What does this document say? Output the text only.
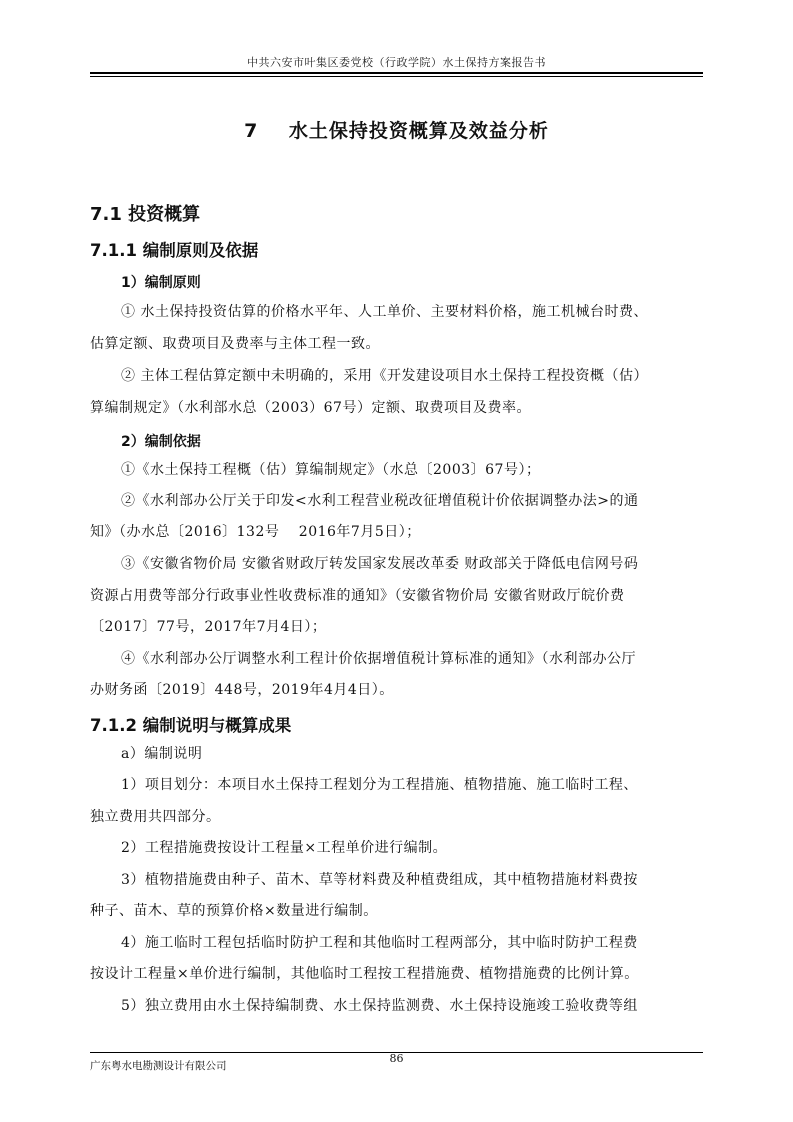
中共六安市叶集区委党校（行政学院）水土保持方案报告书
7 水土保持投资概算及效益分析
7.1 投资概算
7.1.1 编制原则及依据
1）编制原则
① 水土保持投资估算的价格水平年、人工单价、主要材料价格，施工机械台时费、
估算定额、取费项目及费率与主体工程一致。
② 主体工程估算定额中未明确的，采用《开发建设项目水土保持工程投资概（估）
算编制规定》（水利部水总（2003）67号）定额、取费项目及费率。
2）编制依据
①《水土保持工程概（估）算编制规定》（水总〔2003〕67号）；
②《水利部办公厅关于印发<水利工程营业税改征增值税计价依据调整办法>的通
知》（办水总〔2016〕132号　 2016年7月5日）；
③《安徽省物价局 安徽省财政厅转发国家发展改革委 财政部关于降低电信网号码
资源占用费等部分行政事业性收费标准的通知》（安徽省物价局 安徽省财政厅皖价费
〔2017〕77号，2017年7月4日）；
④《水利部办公厅调整水利工程计价依据增值税计算标准的通知》（水利部办公厅
办财务函〔2019〕448号，2019年4月4日）。
7.1.2 编制说明与概算成果
a）编制说明
1）项目划分：本项目水土保持工程划分为工程措施、植物措施、施工临时工程、
独立费用共四部分。
2）工程措施费按设计工程量×工程单价进行编制。
3）植物措施费由种子、苗木、草等材料费及种植费组成，其中植物措施材料费按
种子、苗木、草的预算价格×数量进行编制。
4）施工临时工程包括临时防护工程和其他临时工程两部分，其中临时防护工程费
按设计工程量×单价进行编制，其他临时工程按工程措施费、植物措施费的比例计算。
5）独立费用由水土保持编制费、水土保持监测费、水土保持设施竣工验收费等组
广东粤水电勘测设计有限公司
86
